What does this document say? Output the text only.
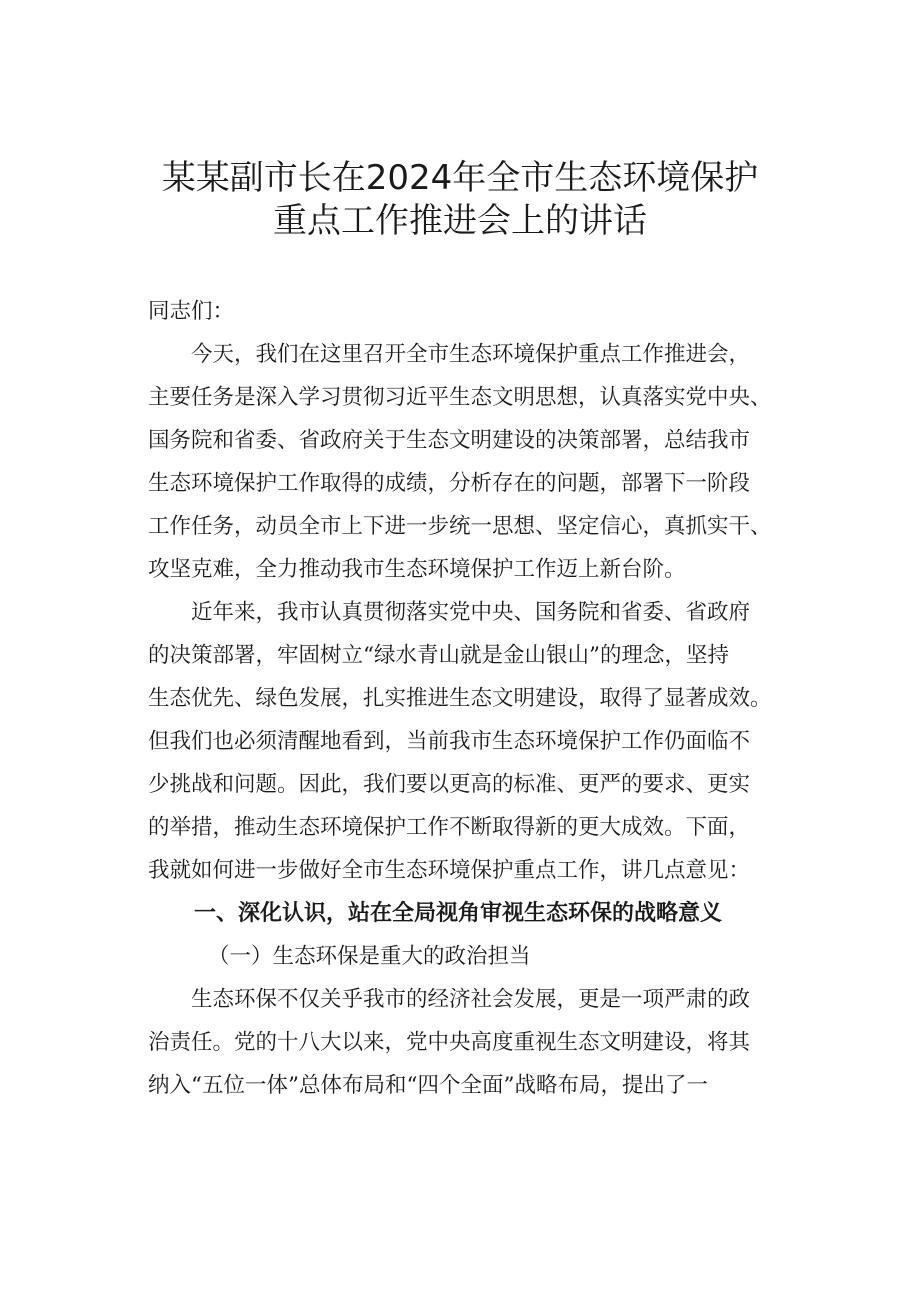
某某副市长在2024年全市生态环境保护
重点工作推进会上的讲话

同志们：

　　今天，我们在这里召开全市生态环境保护重点工作推进会，

主要任务是深入学习贯彻习近平生态文明思想，认真落实党中央、

国务院和省委、省政府关于生态文明建设的决策部署，总结我市

生态环境保护工作取得的成绩，分析存在的问题，部署下一阶段

工作任务，动员全市上下进一步统一思想、坚定信心，真抓实干、

攻坚克难，全力推动我市生态环境保护工作迈上新台阶。

　　近年来，我市认真贯彻落实党中央、国务院和省委、省政府

的决策部署，牢固树立“绿水青山就是金山银山”的理念，坚持

生态优先、绿色发展，扎实推进生态文明建设，取得了显著成效。

但我们也必须清醒地看到，当前我市生态环境保护工作仍面临不

少挑战和问题。因此，我们要以更高的标准、更严的要求、更实

的举措，推动生态环境保护工作不断取得新的更大成效。下面，

我就如何进一步做好全市生态环境保护重点工作，讲几点意见：

一、深化认识，站在全局视角审视生态环保的战略意义

（一）生态环保是重大的政治担当

　　生态环保不仅关乎我市的经济社会发展，更是一项严肃的政

治责任。党的十八大以来，党中央高度重视生态文明建设，将其

纳入“五位一体”总体布局和“四个全面”战略布局，提出了一
